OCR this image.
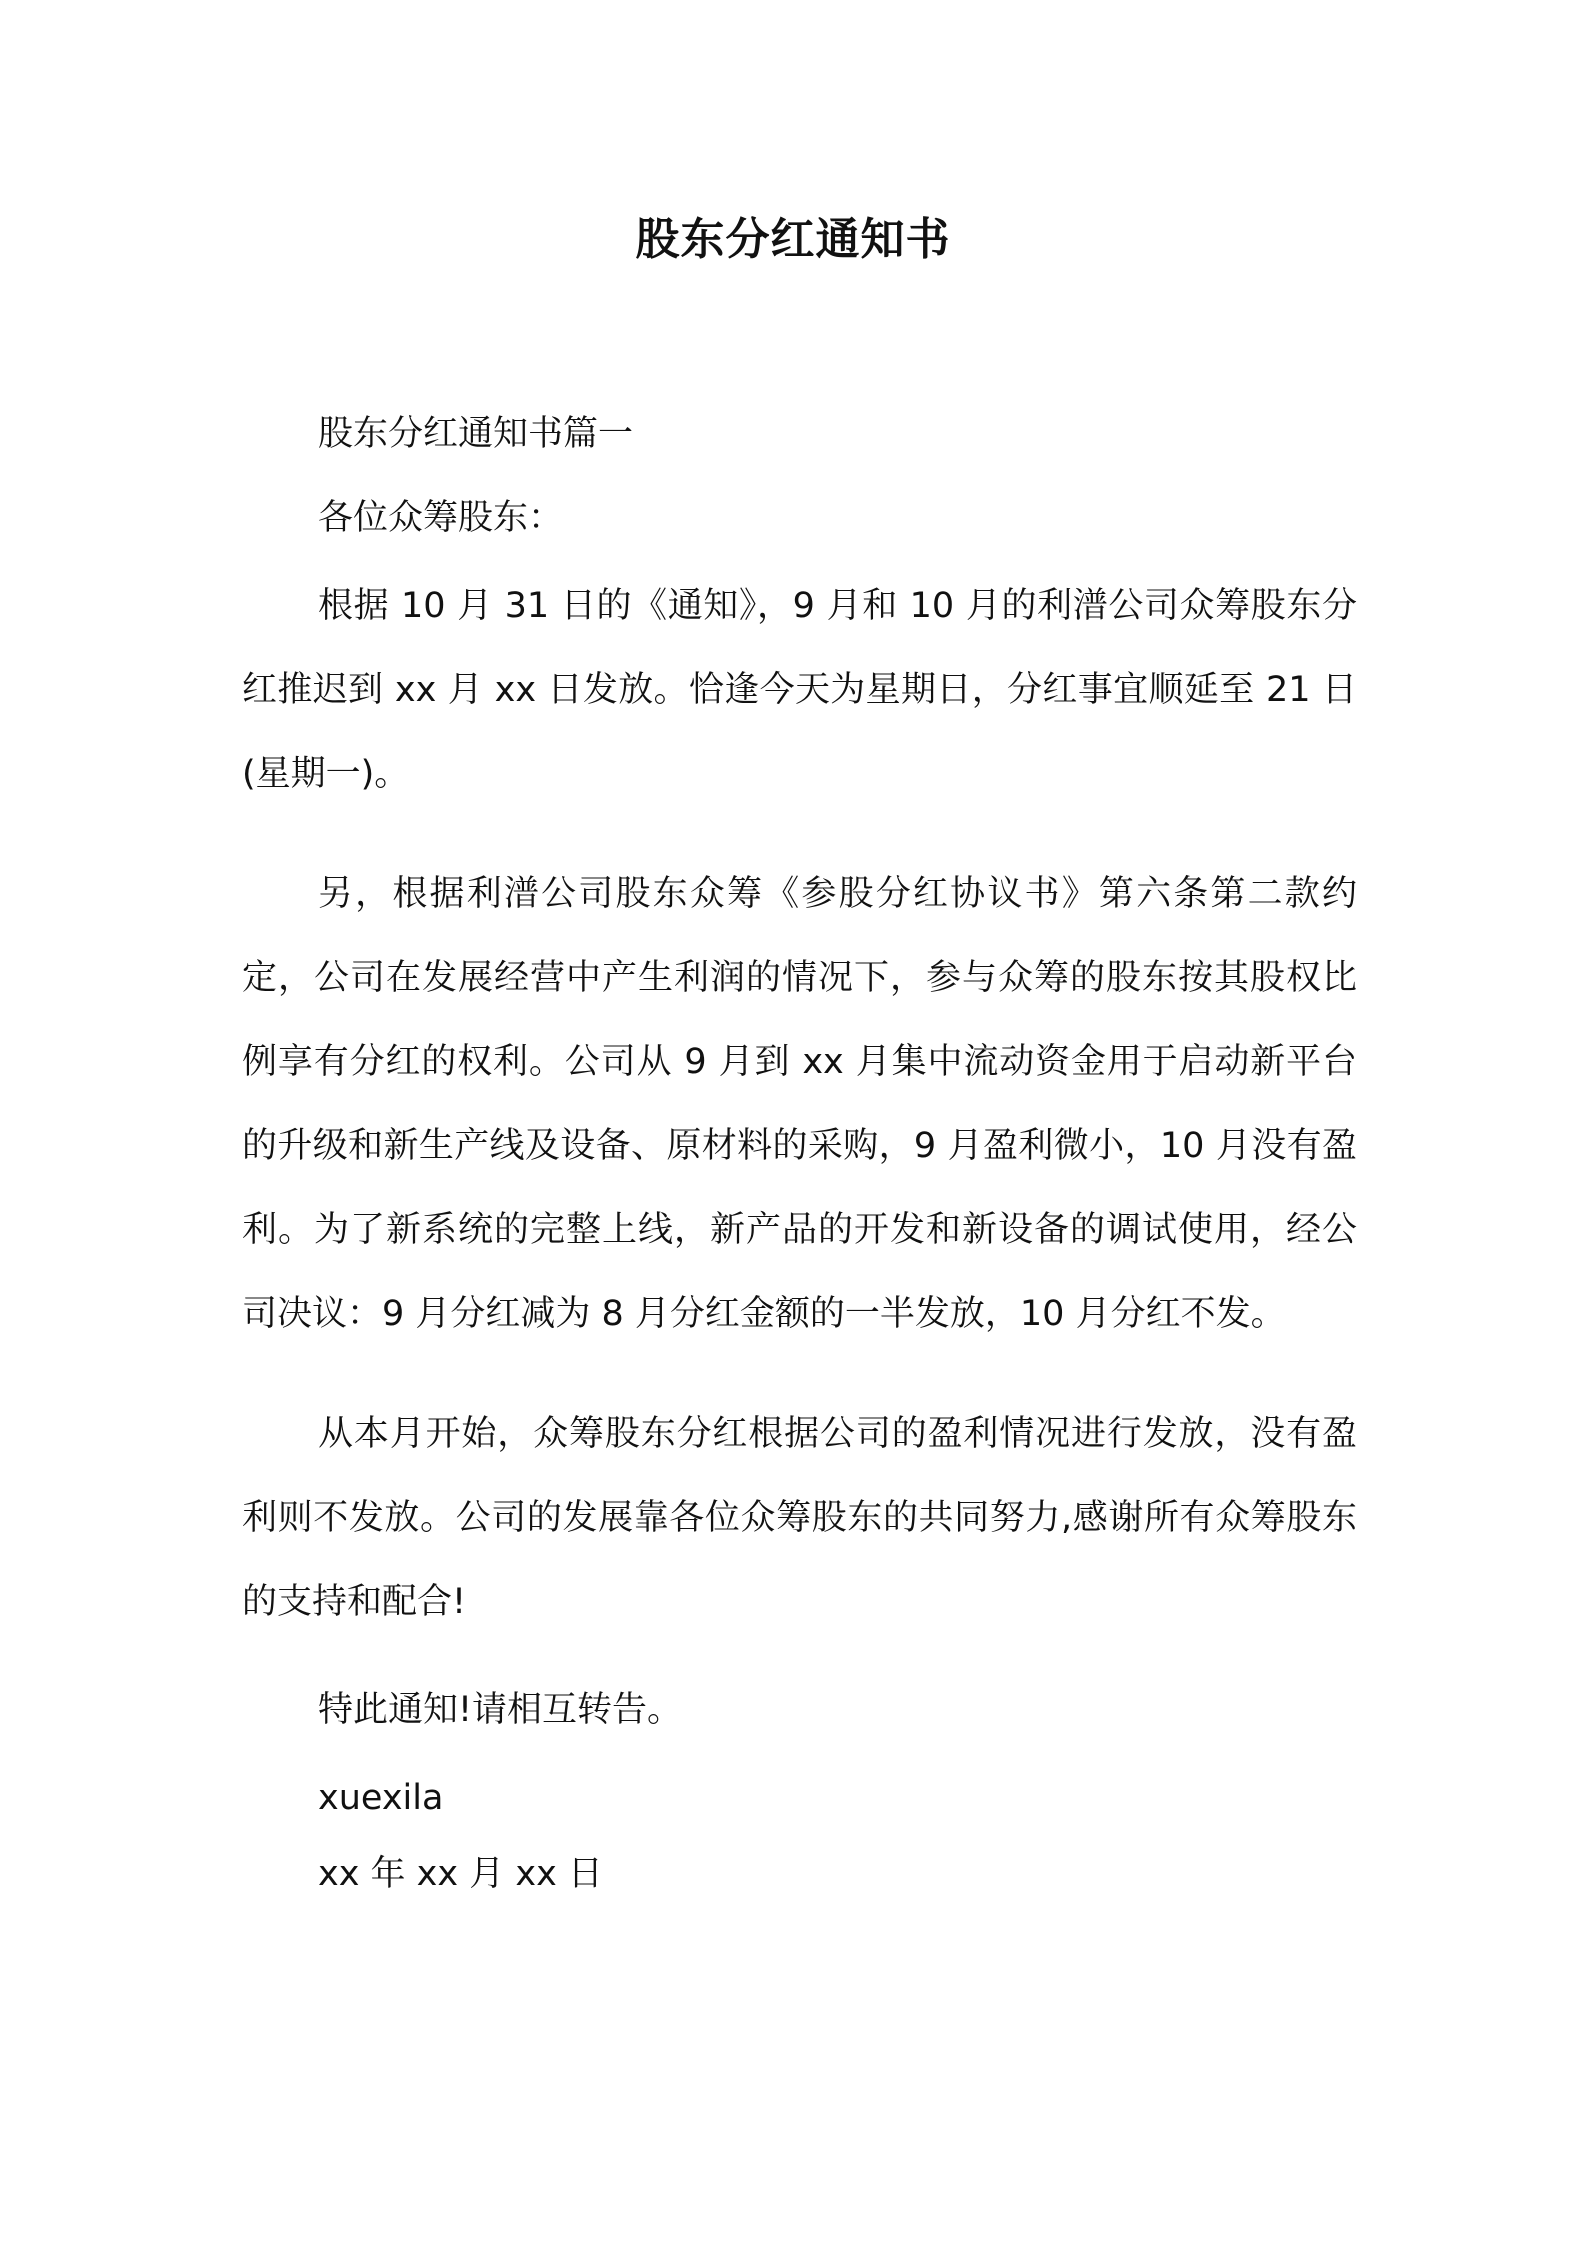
股东分红通知书

股东分红通知书篇一

各位众筹股东：

根据 10 月 31 日的《通知》，9 月和 10 月的利潽公司众筹股东分红推迟到 xx 月 xx 日发放。恰逢今天为星期日，分红事宜顺延至 21 日(星期一)。

另，根据利潽公司股东众筹《参股分红协议书》第六条第二款约定，公司在发展经营中产生利润的情况下，参与众筹的股东按其股权比例享有分红的权利。公司从 9 月到 xx 月集中流动资金用于启动新平台的升级和新生产线及设备、原材料的采购，9 月盈利微小，10 月没有盈利。为了新系统的完整上线，新产品的开发和新设备的调试使用，经公司决议：9 月分红减为 8 月分红金额的一半发放，10 月分红不发。

从本月开始，众筹股东分红根据公司的盈利情况进行发放，没有盈利则不发放。公司的发展靠各位众筹股东的共同努力,感谢所有众筹股东的支持和配合!

特此通知!请相互转告。

xuexila

xx 年 xx 月 xx 日
